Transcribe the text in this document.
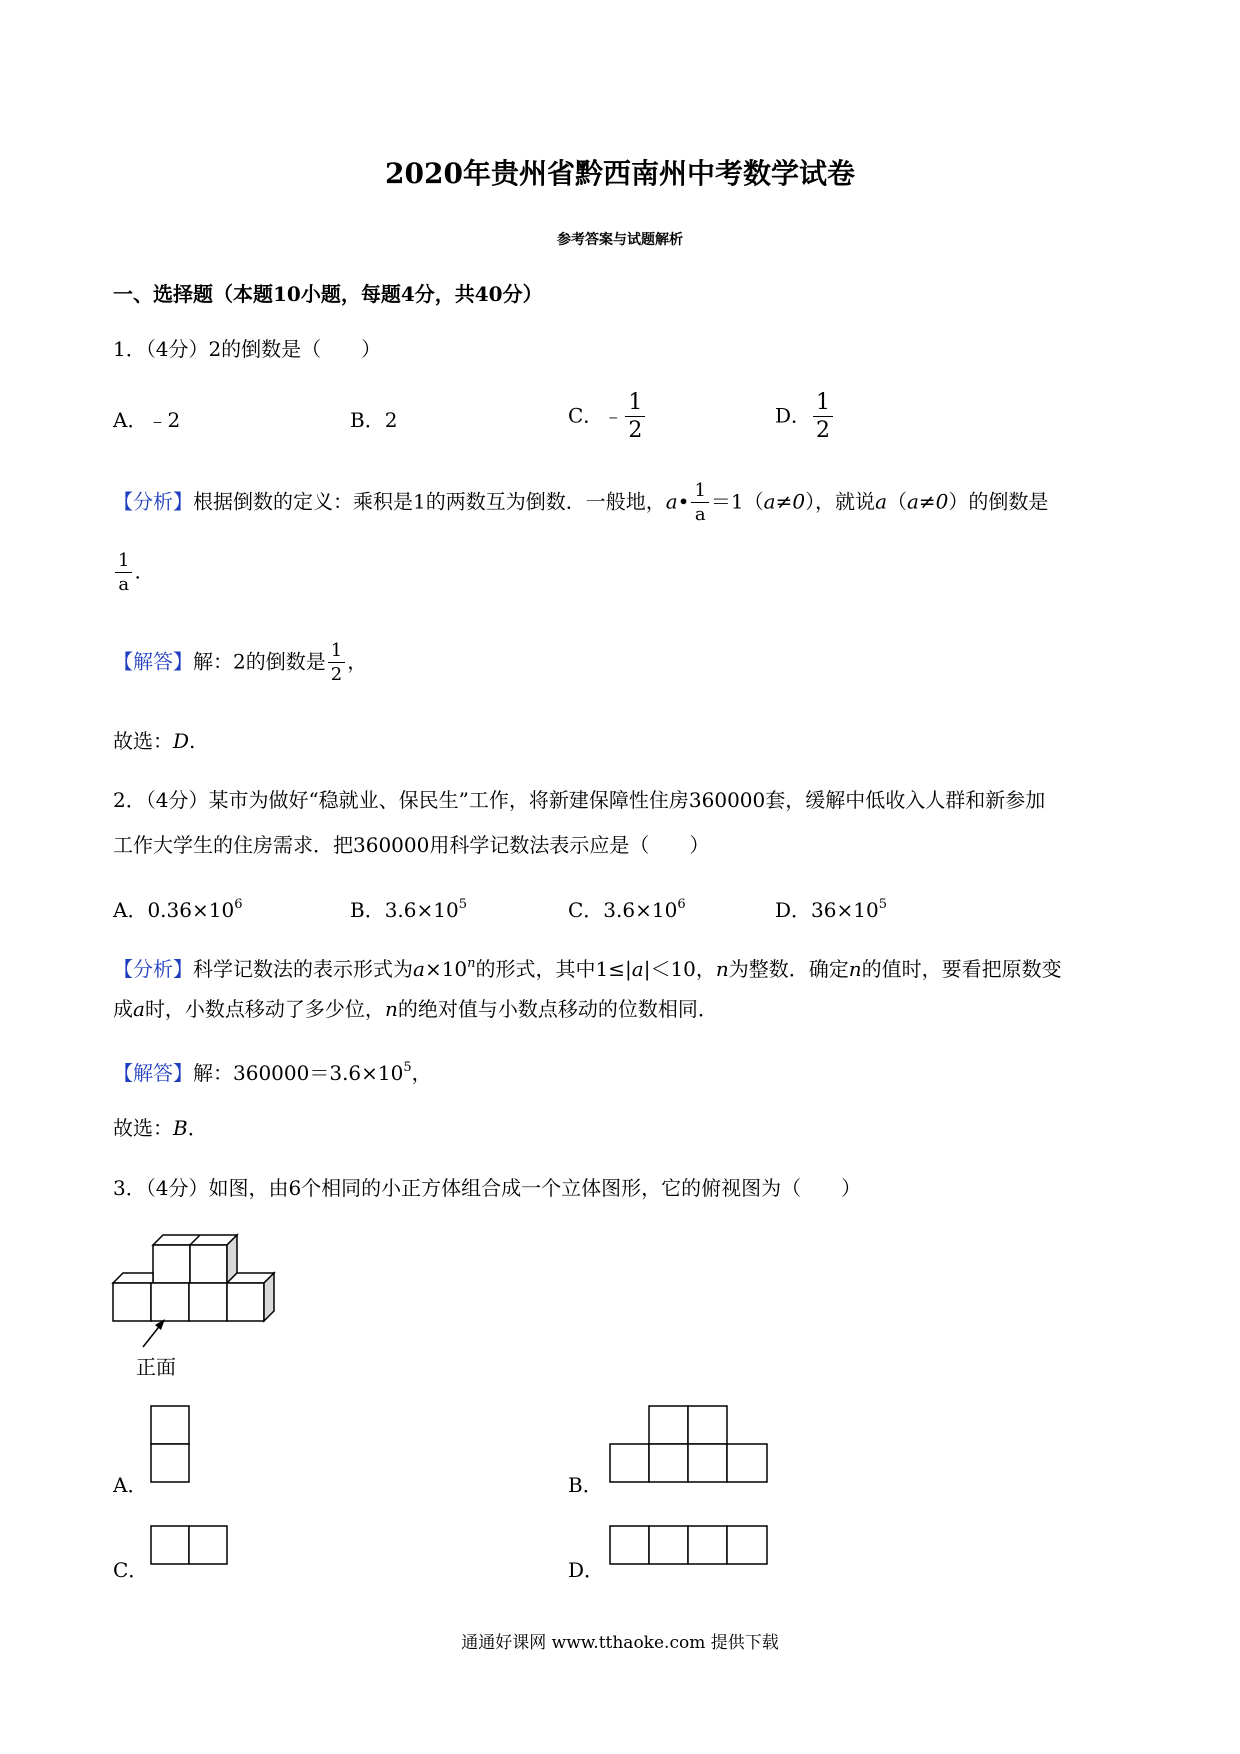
2020年贵州省黔西南州中考数学试卷
参考答案与试题解析
一、选择题（本题10小题，每题4分，共40分）
1．（4分）2的倒数是（　　）
A．﹣2	B．2	C．﹣ $\frac{1}{2}$	D． $\frac{1}{2}$
【分析】根据倒数的定义：乘积是1的两数互为倒数．一般地，a• $\frac{1}{a} =1(a\ne 0)$，就说a（a≠0）的倒数是
$\frac{1}{a}$ .
【解答】解：2的倒数是 $\frac{1}{2}$ ，
故选：D.
2．（4分）某市为做好“稳就业、保民生”工作，将新建保障性住房360000套，缓解中低收入人群和新参加
工作大学生的住房需求．把360000用科学记数法表示应是（　　）
A．$0.36\times 10^6$	B．$3.6\times 10^5$	C．$3.6\times 10^6$	D．$36\times 10^5$
【分析】科学记数法的表示形式为$a\times 10^n$的形式，其中1≤|a|＜10，n为整数．确定n的值时，要看把原数变
成a时，小数点移动了多少位，n的绝对值与小数点移动的位数相同．
【解答】解：$360000=3.6\times 10^5$，
故选：B．
3．（4分）如图，由6个相同的小正方体组合成一个立体图形，它的俯视图为（　　）
正面
A．	B．
C．	D．
通通好课网 www.tthaoke.com 提供下载
